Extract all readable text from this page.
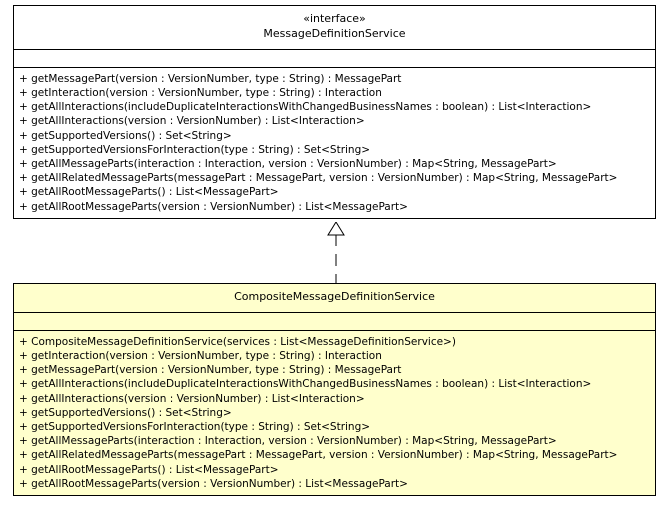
«interface»
MessageDefinitionService
+ getMessagePart(version : VersionNumber, type : String) : MessagePart
+ getInteraction(version : VersionNumber, type : String) : Interaction
+ getAllInteractions(includeDuplicateInteractionsWithChangedBusinessNames : boolean) : List<Interaction>
+ getAllInteractions(version : VersionNumber) : List<Interaction>
+ getSupportedVersions() : Set<String>
+ getSupportedVersionsForInteraction(type : String) : Set<String>
+ getAllMessageParts(interaction : Interaction, version : VersionNumber) : Map<String, MessagePart>
+ getAllRelatedMessageParts(messagePart : MessagePart, version : VersionNumber) : Map<String, MessagePart>
+ getAllRootMessageParts() : List<MessagePart>
+ getAllRootMessageParts(version : VersionNumber) : List<MessagePart>
CompositeMessageDefinitionService
+ CompositeMessageDefinitionService(services : List<MessageDefinitionService>)
+ getInteraction(version : VersionNumber, type : String) : Interaction
+ getMessagePart(version : VersionNumber, type : String) : MessagePart
+ getAllInteractions(includeDuplicateInteractionsWithChangedBusinessNames : boolean) : List<Interaction>
+ getAllInteractions(version : VersionNumber) : List<Interaction>
+ getSupportedVersions() : Set<String>
+ getSupportedVersionsForInteraction(type : String) : Set<String>
+ getAllMessageParts(interaction : Interaction, version : VersionNumber) : Map<String, MessagePart>
+ getAllRelatedMessageParts(messagePart : MessagePart, version : VersionNumber) : Map<String, MessagePart>
+ getAllRootMessageParts() : List<MessagePart>
+ getAllRootMessageParts(version : VersionNumber) : List<MessagePart>
